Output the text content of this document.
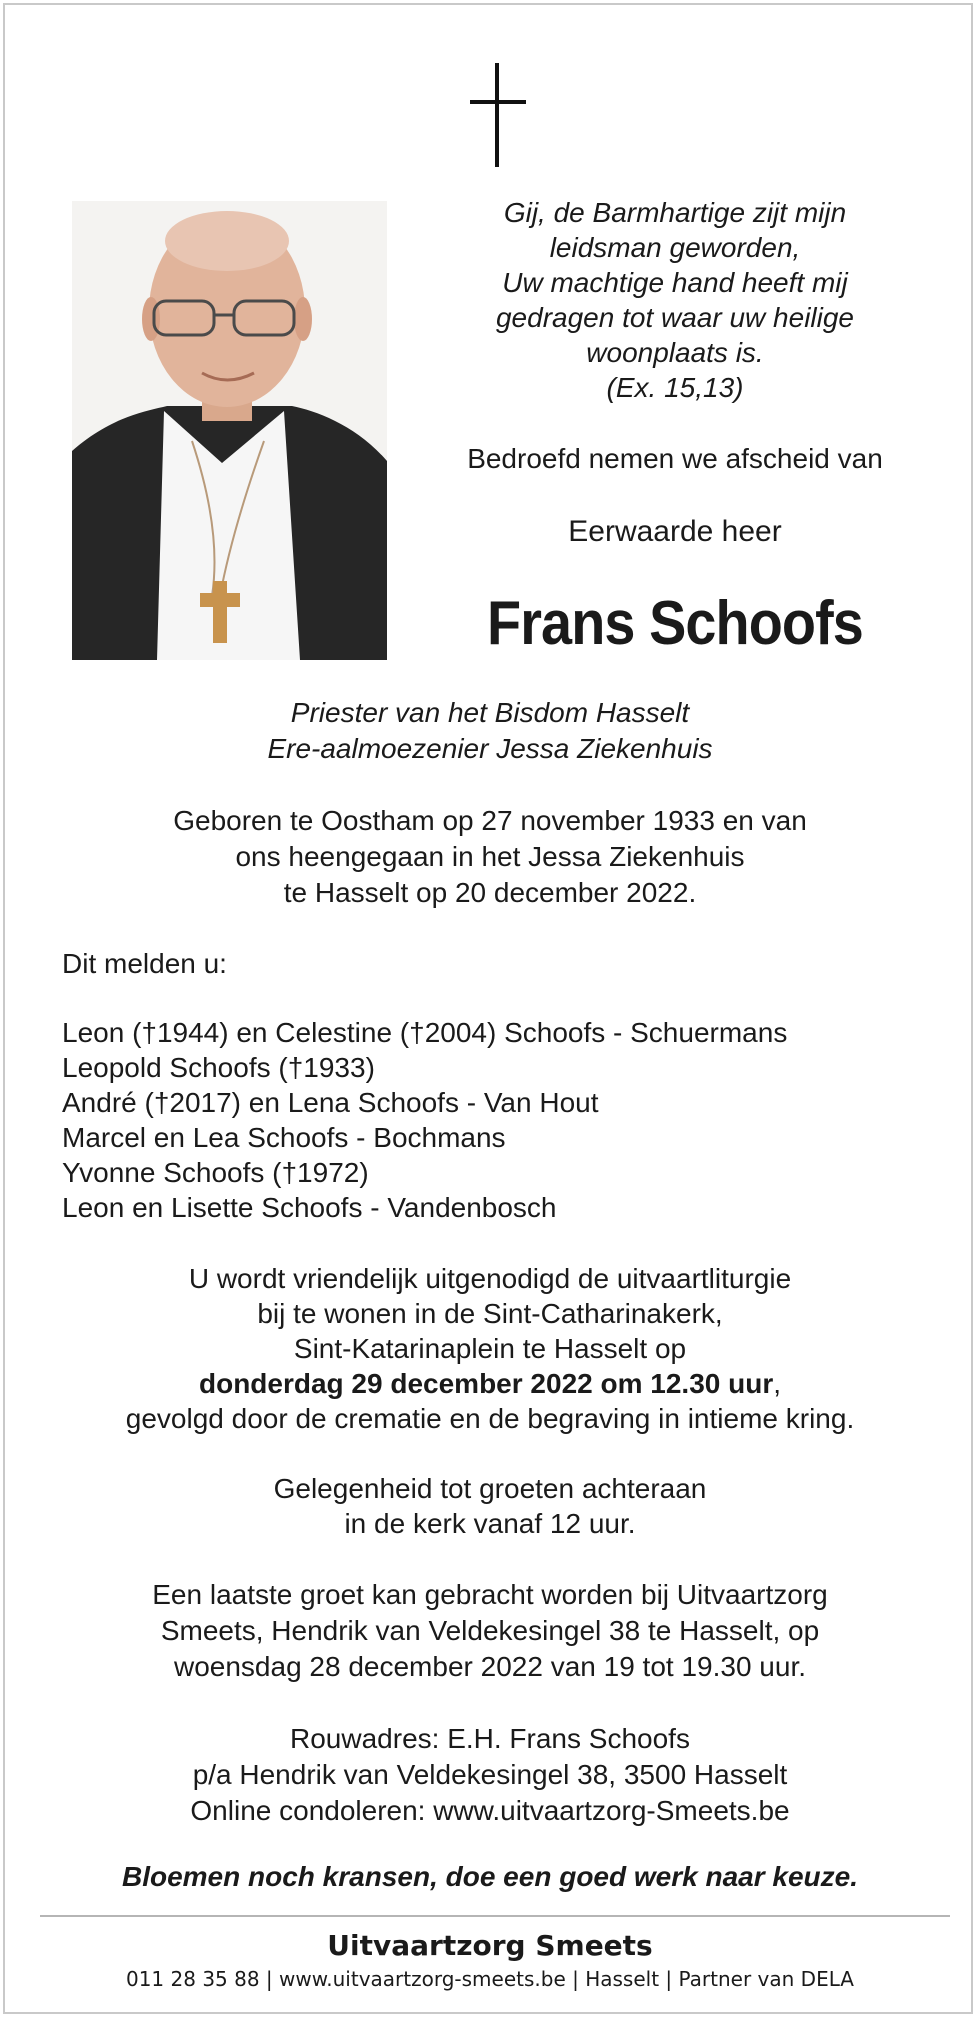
Gij, de Barmhartige zijt mijn
leidsman geworden,
Uw machtige hand heeft mij
gedragen tot waar uw heilige
woonplaats is.
(Ex. 15,13)
Bedroefd nemen we afscheid van
Eerwaarde heer
Frans Schoofs
Priester van het Bisdom Hasselt
Ere-aalmoezenier Jessa Ziekenhuis
Geboren te Oostham op 27 november 1933 en van
ons heengegaan in het Jessa Ziekenhuis
te Hasselt op 20 december 2022.
Dit melden u:
Leon (†1944) en Celestine (†2004) Schoofs - Schuermans
Leopold Schoofs (†1933)
André (†2017) en Lena Schoofs - Van Hout
Marcel en Lea Schoofs - Bochmans
Yvonne Schoofs (†1972)
Leon en Lisette Schoofs - Vandenbosch
U wordt vriendelijk uitgenodigd de uitvaartliturgie
bij te wonen in de Sint-Catharinakerk,
Sint-Katarinaplein te Hasselt op
donderdag 29 december 2022 om 12.30 uur,
gevolgd door de crematie en de begraving in intieme kring.
Gelegenheid tot groeten achteraan
in de kerk vanaf 12 uur.
Een laatste groet kan gebracht worden bij Uitvaartzorg
Smeets, Hendrik van Veldekesingel 38 te Hasselt, op
woensdag 28 december 2022 van 19 tot 19.30 uur.
Rouwadres: E.H. Frans Schoofs
p/a Hendrik van Veldekesingel 38, 3500 Hasselt
Online condoleren: www.uitvaartzorg-Smeets.be
Bloemen noch kransen, doe een goed werk naar keuze.
Uitvaartzorg Smeets
011 28 35 88 | www.uitvaartzorg-smeets.be | Hasselt | Partner van DELA
